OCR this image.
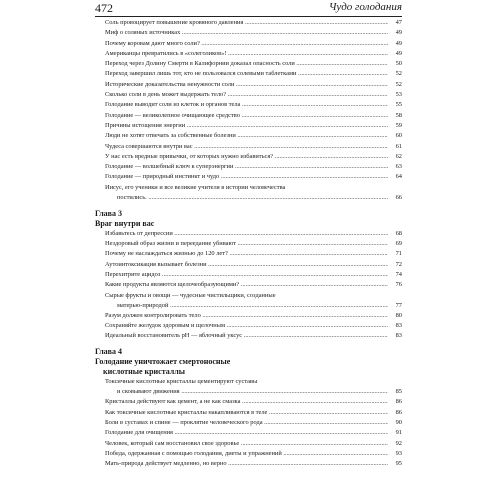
472	Чудо голодания
Соль провоцирует повышение кровяного давления .....	47
Миф о соляных источниках .....	49
Почему коровам дают много соли? .....	49
Американцы превратились в «солеголиков»! .....	49
Переход через Долину Смерти в Калифорнии доказал опасность соли .....	50
Переход завершил лишь тот, кто не пользовался солевыми таблетками .....	52
Исторические доказательства ненужности соли .....	52
Сколько соли в день может выдержать тело? .....	53
Голодание выводит соли из клеток и органов тела .....	55
Голодание — великолепное очищающее средство .....	58
Причины истощения энергии .....	59
Люди не хотят отвечать за собственные болезни .....	60
Чудеса совершаются внутри вас .....	61
У нас есть вредные привычки, от которых нужно избавиться? .....	62
Голодание — волшебный ключ к суперэнергии .....	63
Голодание — природный инстинкт и чудо .....	64
Иисус, его ученики и все великие учителя в истории человечества
постились. .....	66
Глава 3
Враг внутри вас
Избавьтесь от депрессии .....	68
Нездоровый образ жизни и переедание убивают .....	69
Почему не наслаждаться жизнью до 120 лет? .....	71
Аутоинтоксикация вызывает болезни .....	72
Перехитрите ацидоз .....	74
Какие продукты являются щелочеобразующими? .....	76
Сырые фрукты и овощи — чудесные чистильщики, созданные
матерью-природой .....	77
Разум должен контролировать тело .....	80
Сохраняйте желудок здоровым и щелочным .....	83
Идеальный восстановитель pH — яблочный уксус .....	83
Глава 4
Голодание уничтожает смертоносные
кислотные кристаллы
Токсичные кислотные кристаллы цементируют суставы
и сковывают движения .....	85
Кристаллы действуют как цемент, а не как смазка .....	86
Как токсичные кислотные кристаллы накапливаются в теле .....	86
Боли в суставах и спине — проклятие человеческого рода .....	90
Голодание для очищения .....	91
Человек, который сам восстановил свое здоровье .....	92
Победа, одержанная с помощью голодания, диеты и упражнений .....	93
Мать-природа действует медленно, но верно .....	95
